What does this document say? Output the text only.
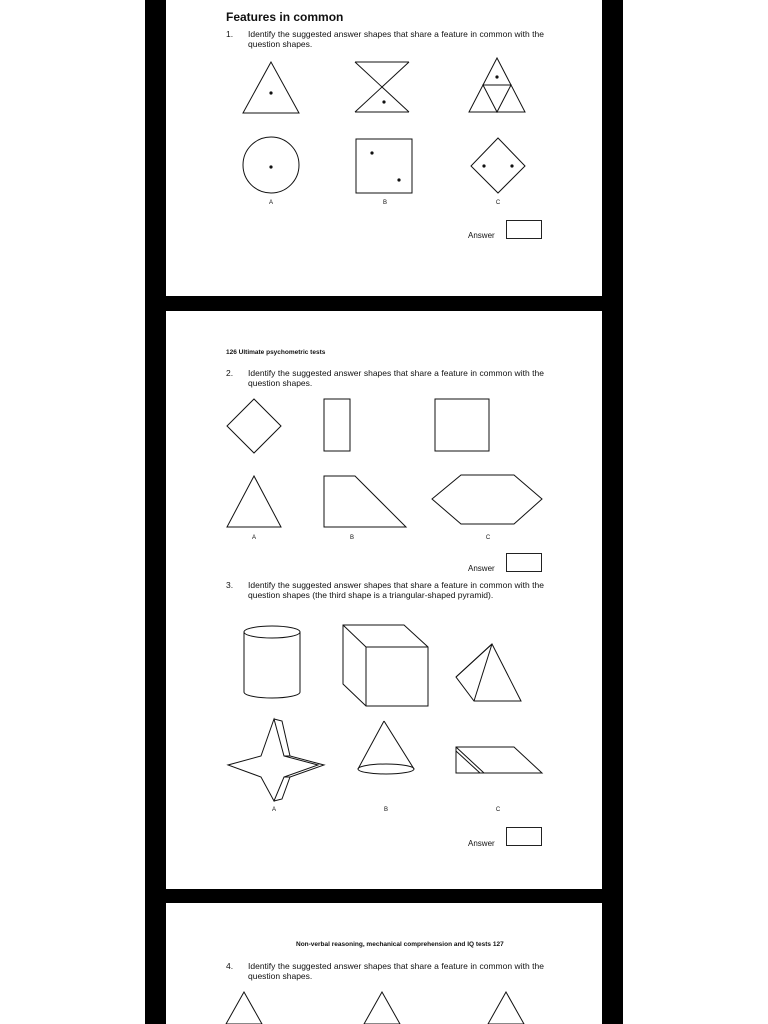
Features in common
1. Identify the suggested answer shapes that share a feature in common with the question shapes.
A	B	C
Answer
126 Ultimate psychometric tests
2. Identify the suggested answer shapes that share a feature in common with the question shapes.
3. Identify the suggested answer shapes that share a feature in common with the question shapes (the third shape is a triangular-shaped pyramid).
A	B	C
A	B	C
Answer
Answer
Non-verbal reasoning, mechanical comprehension and IQ tests 127
4. Identify the suggested answer shapes that share a feature in common with the question shapes.
